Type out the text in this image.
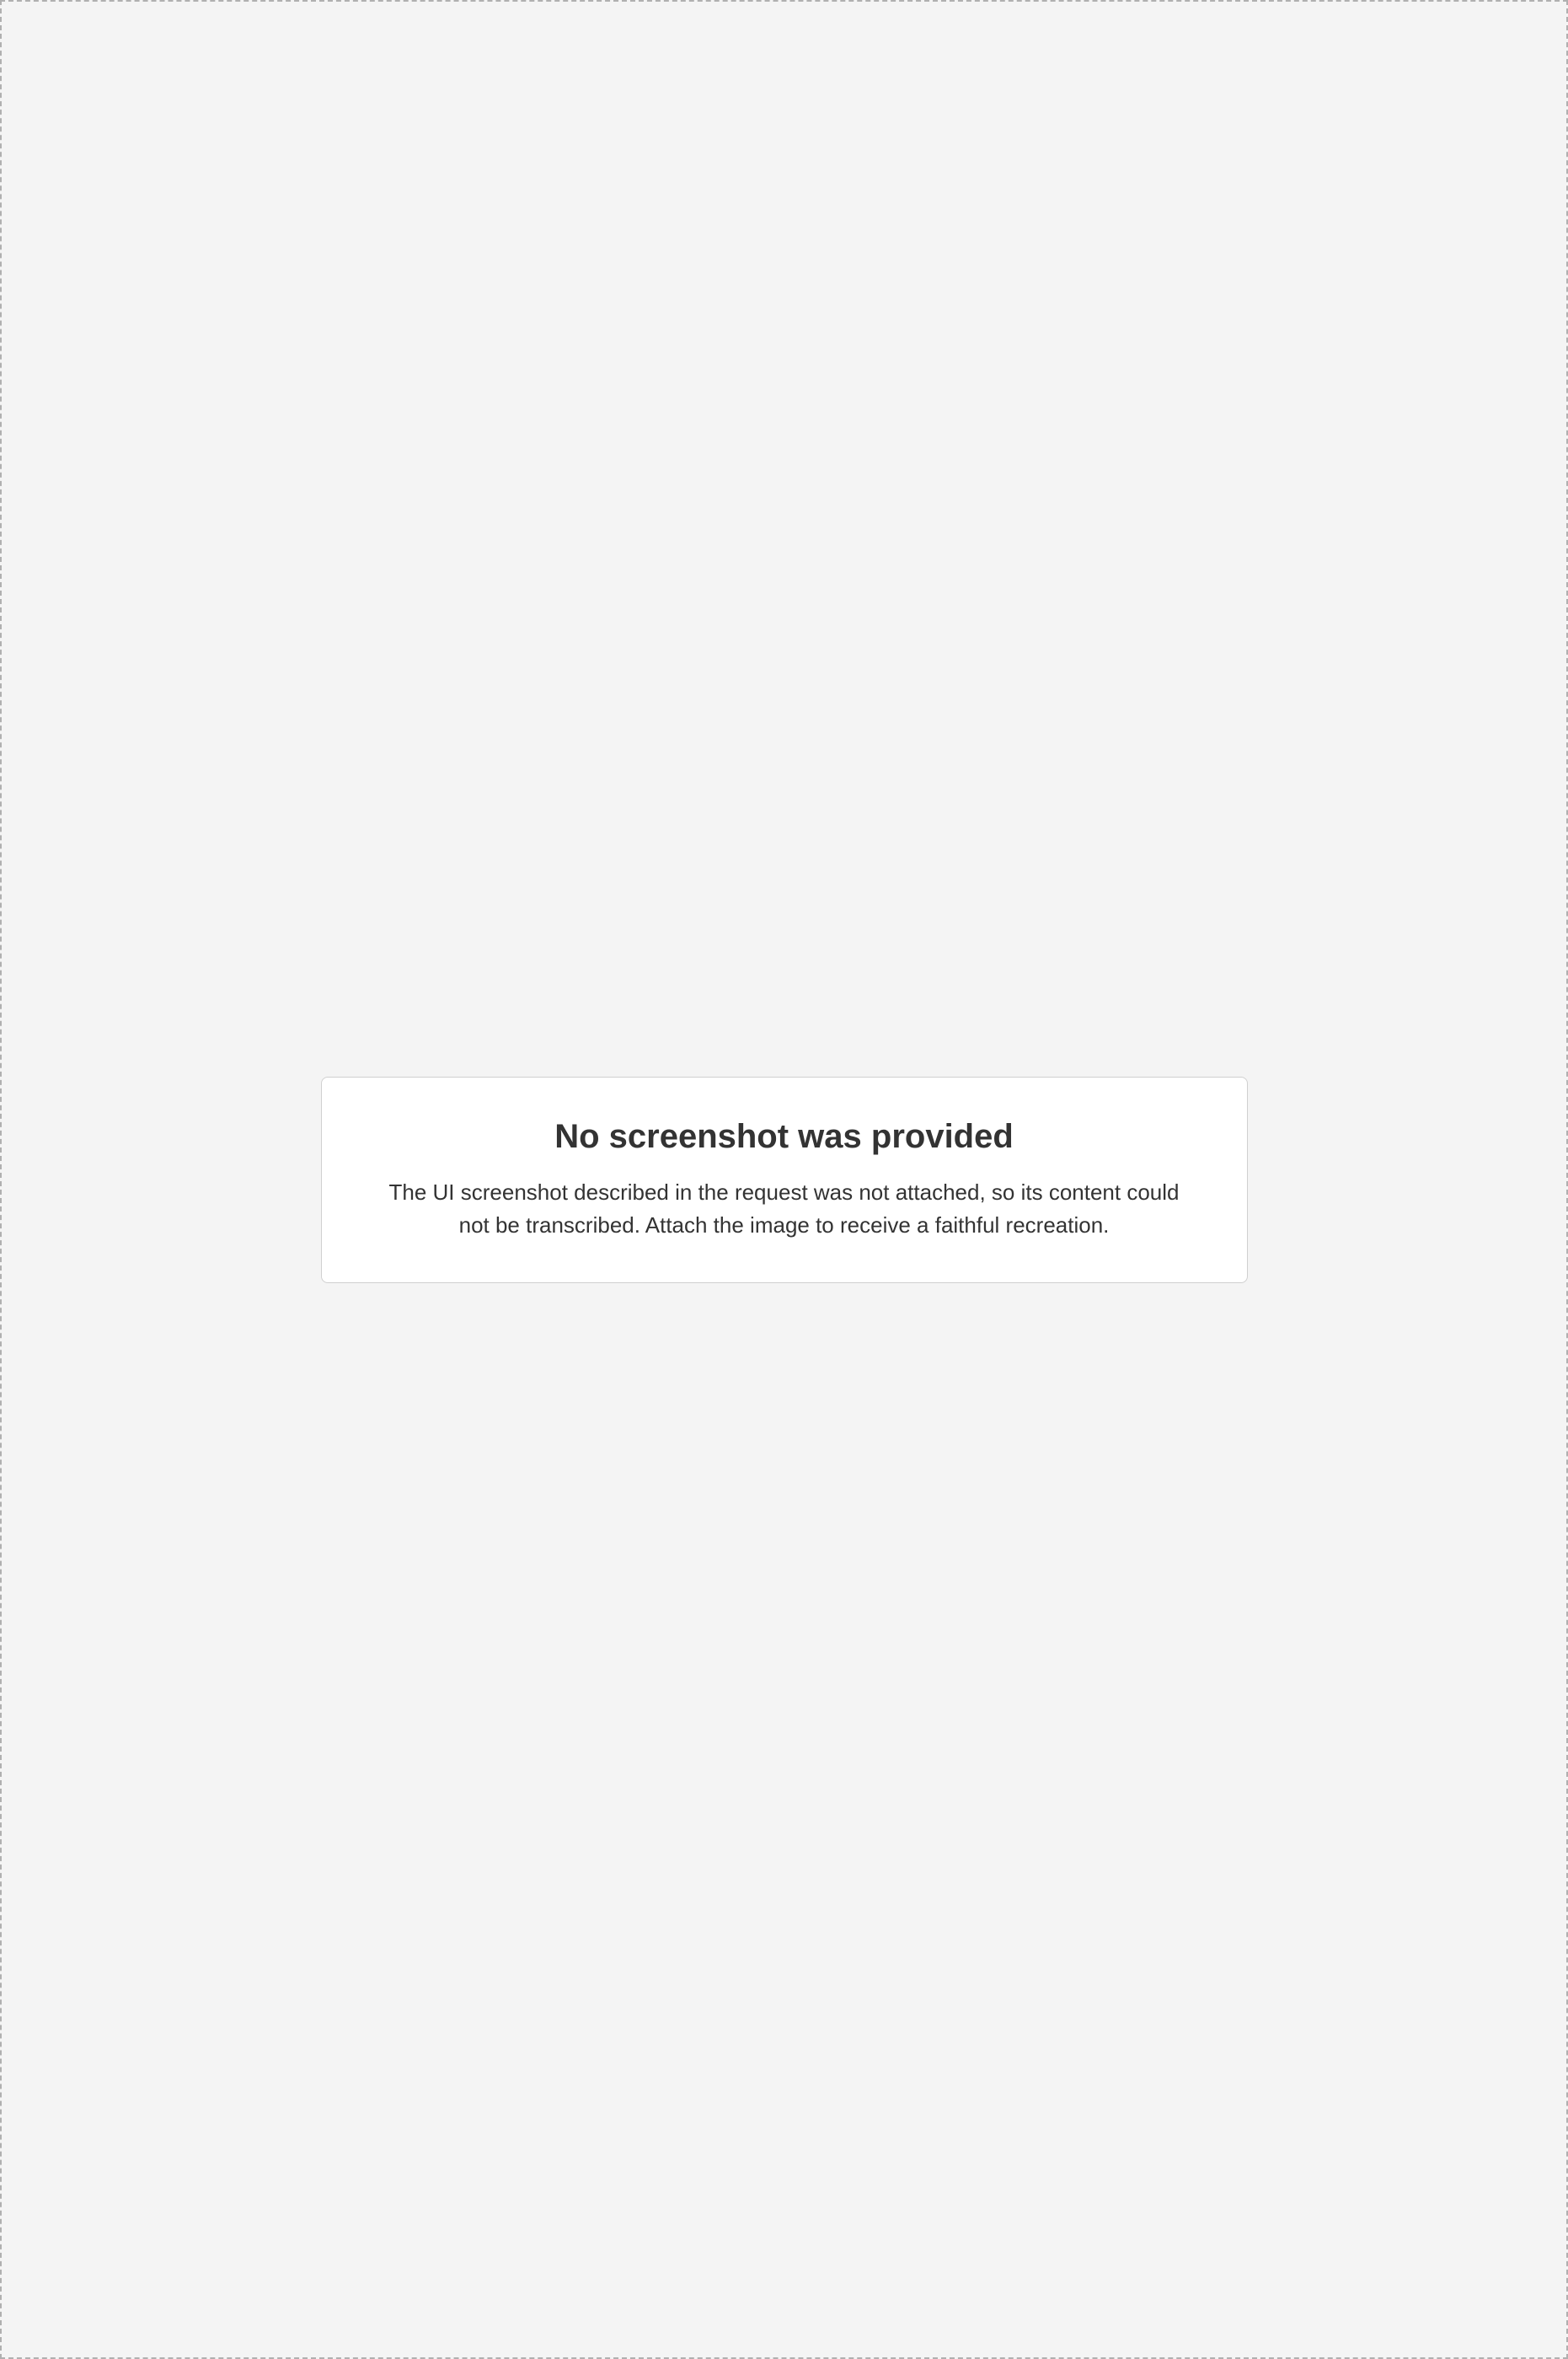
No screenshot was provided

The UI screenshot described in the request was not attached, so its content could not be transcribed. Attach the image to receive a faithful recreation.
